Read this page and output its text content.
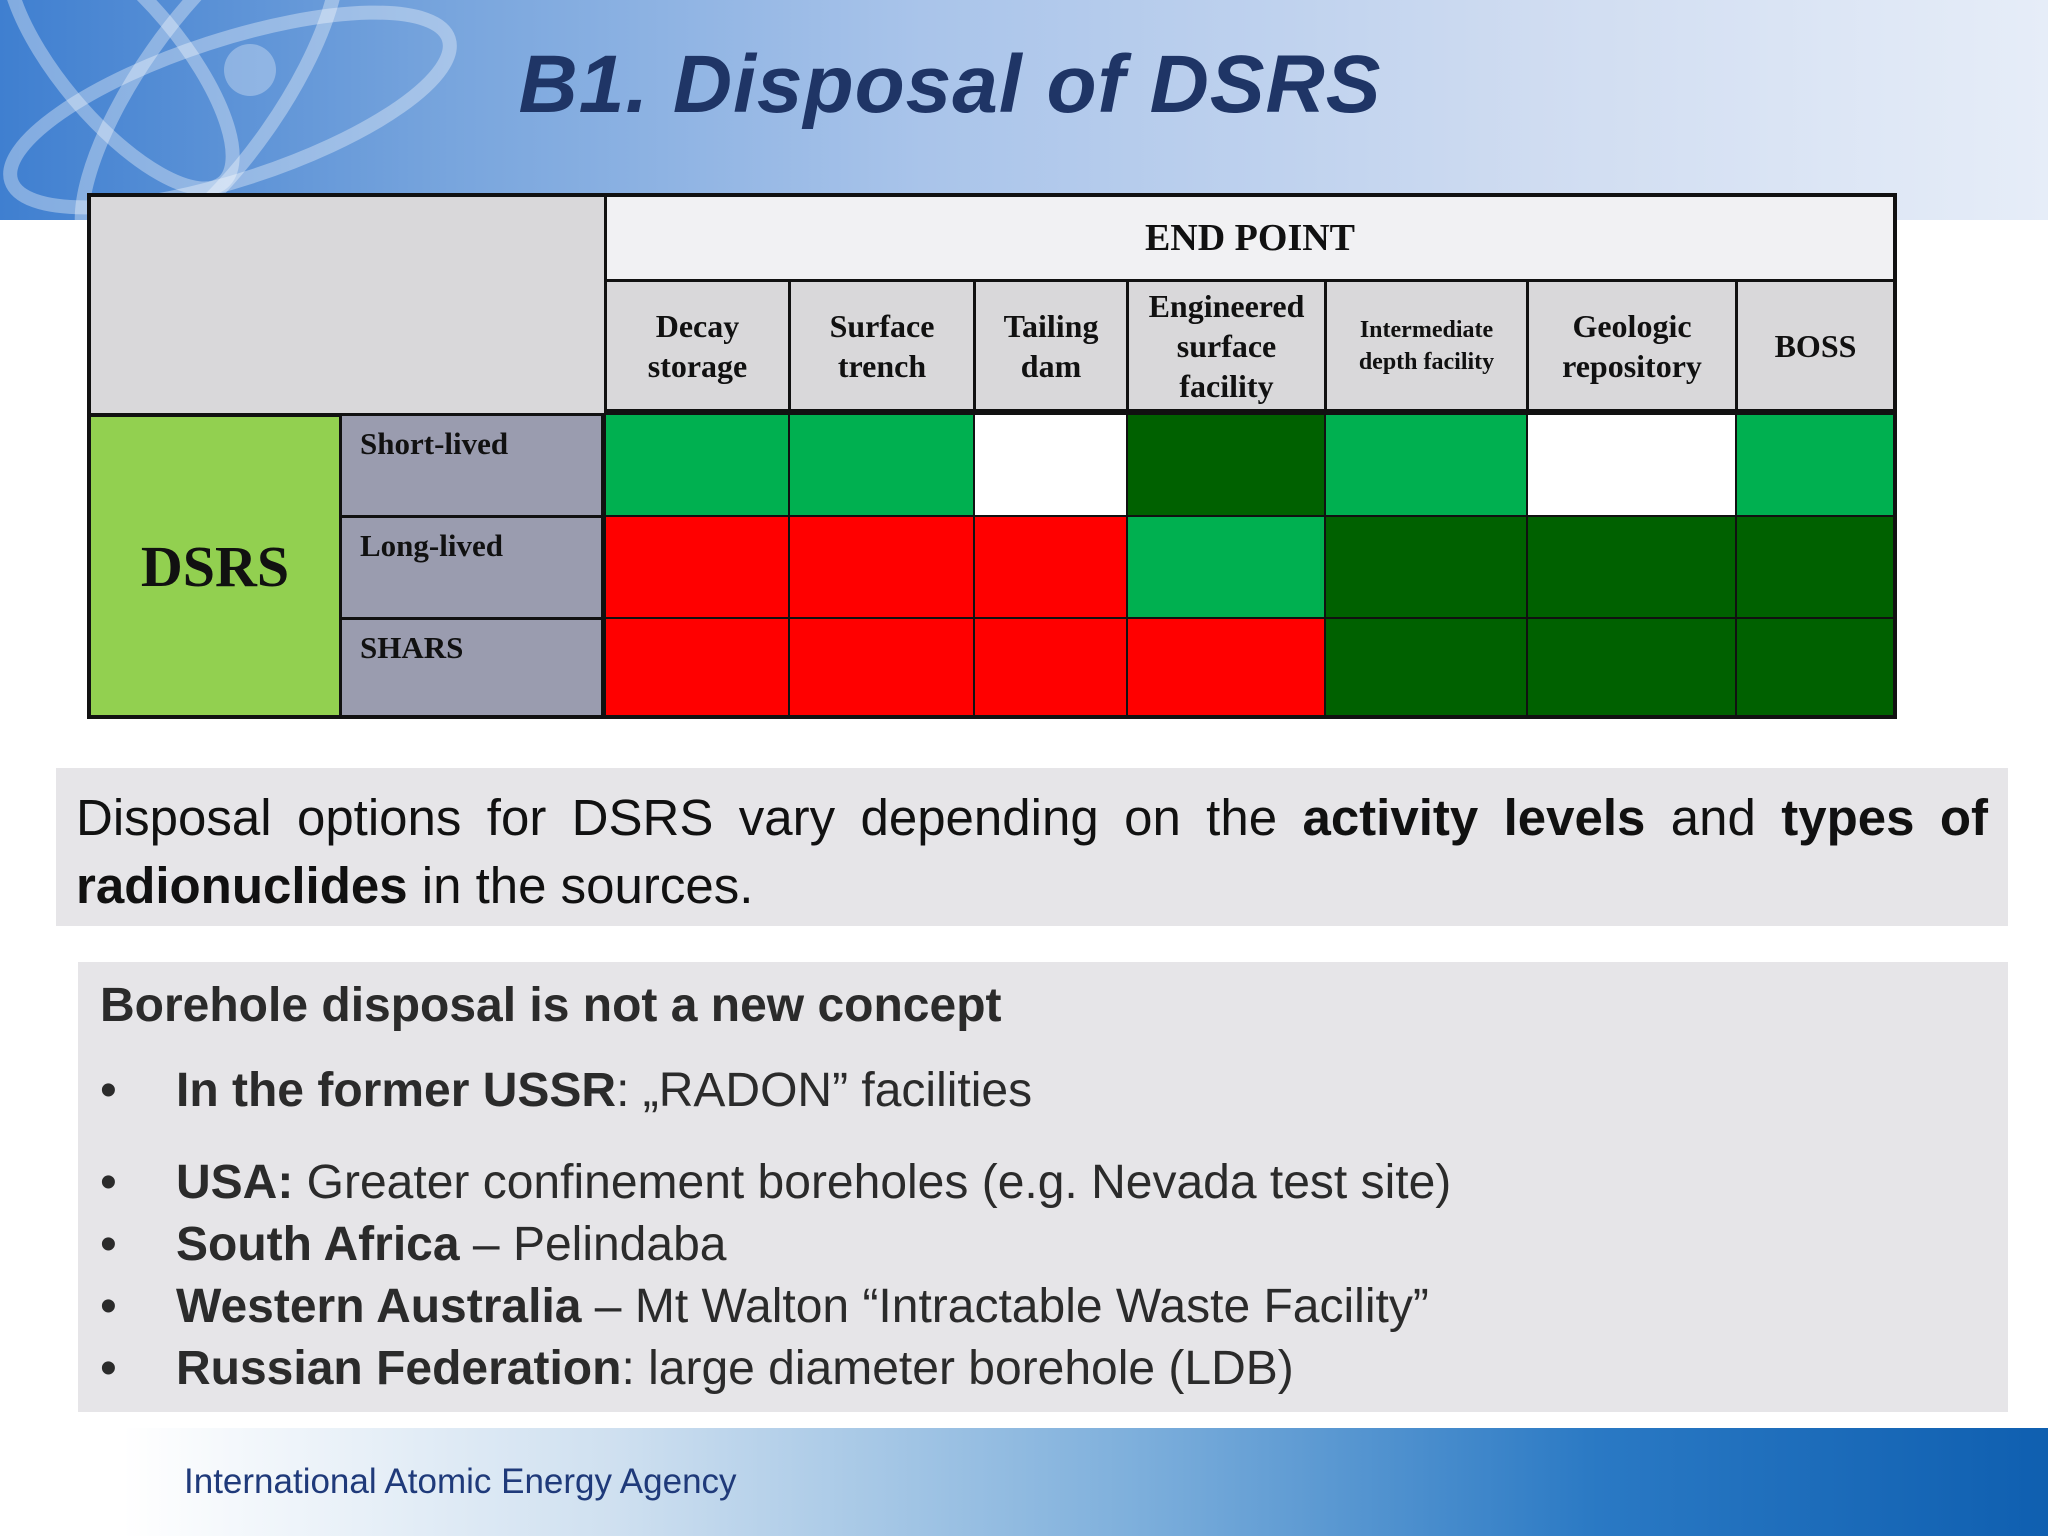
B1. Disposal of DSRS
END POINT
Decay
storage
Surface
trench
Tailing
dam
Engineered
surface
facility
Intermediate
depth facility
Geologic
repository
BOSS
DSRS
Short-lived
Long-lived
SHARS
Disposal options for DSRS vary depending on the activity levels and types of radionuclides in the sources.
Borehole disposal is not a new concept
• In the former USSR: „RADON” facilities
• USA: Greater confinement boreholes (e.g. Nevada test site)
• South Africa – Pelindaba
• Western Australia – Mt Walton “Intractable Waste Facility”
• Russian Federation: large diameter borehole (LDB)
International Atomic Energy Agency
